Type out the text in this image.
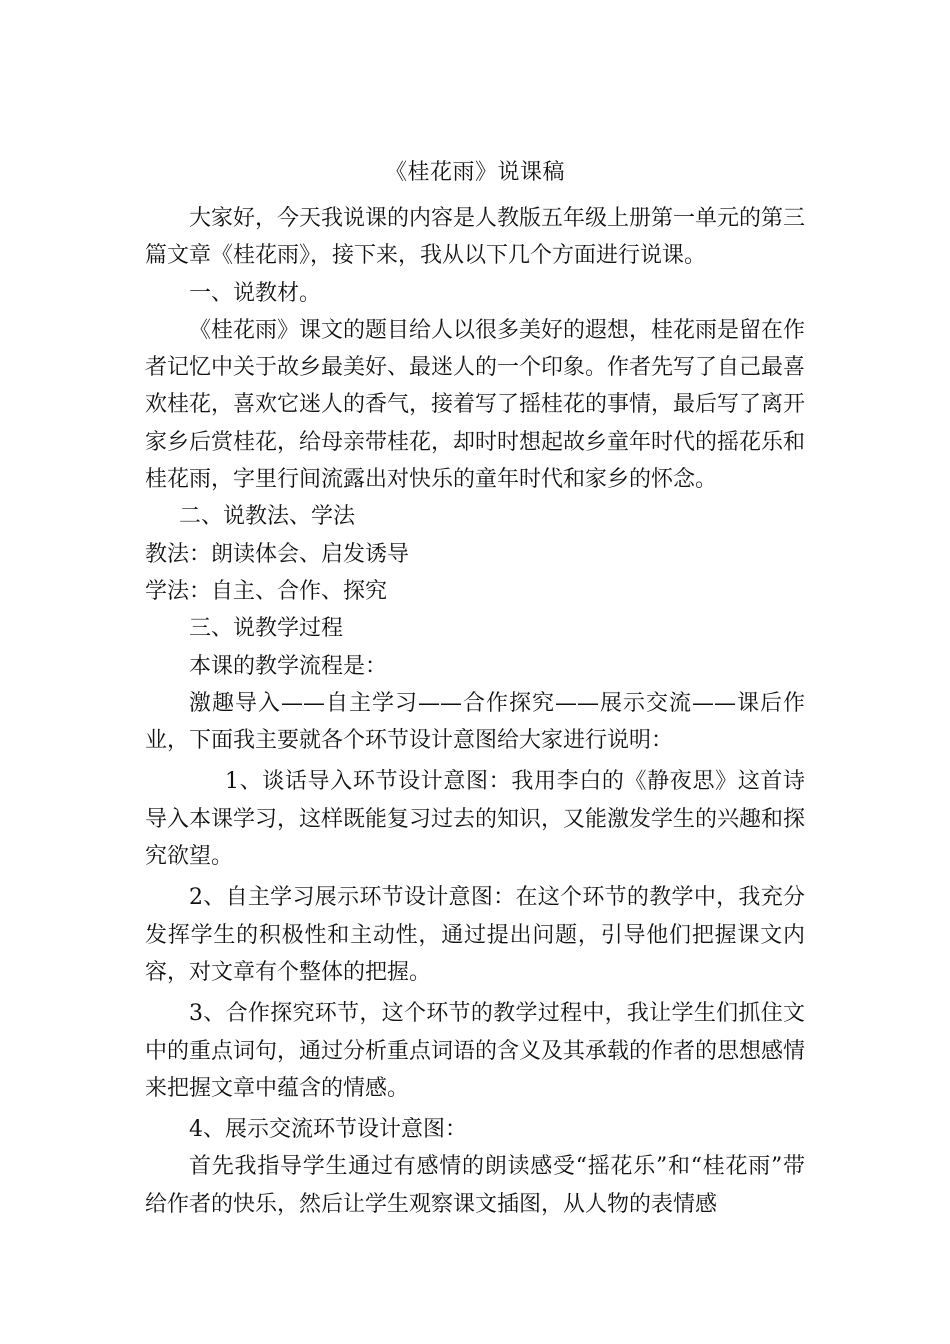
《桂花雨》说课稿

大家好，今天我说课的内容是人教版五年级上册第一单元的第三篇文章《桂花雨》，接下来，我从以下几个方面进行说课。

一、说教材。

《桂花雨》课文的题目给人以很多美好的遐想，桂花雨是留在作者记忆中关于故乡最美好、最迷人的一个印象。作者先写了自己最喜欢桂花，喜欢它迷人的香气，接着写了摇桂花的事情，最后写了离开家乡后赏桂花，给母亲带桂花，却时时想起故乡童年时代的摇花乐和桂花雨，字里行间流露出对快乐的童年时代和家乡的怀念。

二、说教法、学法

教法：朗读体会、启发诱导

学法：自主、合作、探究

三、说教学过程

本课的教学流程是：

激趣导入——自主学习——合作探究——展示交流——课后作业，下面我主要就各个环节设计意图给大家进行说明：

1、谈话导入环节设计意图：我用李白的《静夜思》这首诗导入本课学习，这样既能复习过去的知识，又能激发学生的兴趣和探究欲望。

2、自主学习展示环节设计意图：在这个环节的教学中，我充分发挥学生的积极性和主动性，通过提出问题，引导他们把握课文内容，对文章有个整体的把握。

3、合作探究环节，这个环节的教学过程中，我让学生们抓住文中的重点词句，通过分析重点词语的含义及其承载的作者的思想感情来把握文章中蕴含的情感。

4、展示交流环节设计意图：

首先我指导学生通过有感情的朗读感受“摇花乐”和“桂花雨”带给作者的快乐，然后让学生观察课文插图，从人物的表情感
